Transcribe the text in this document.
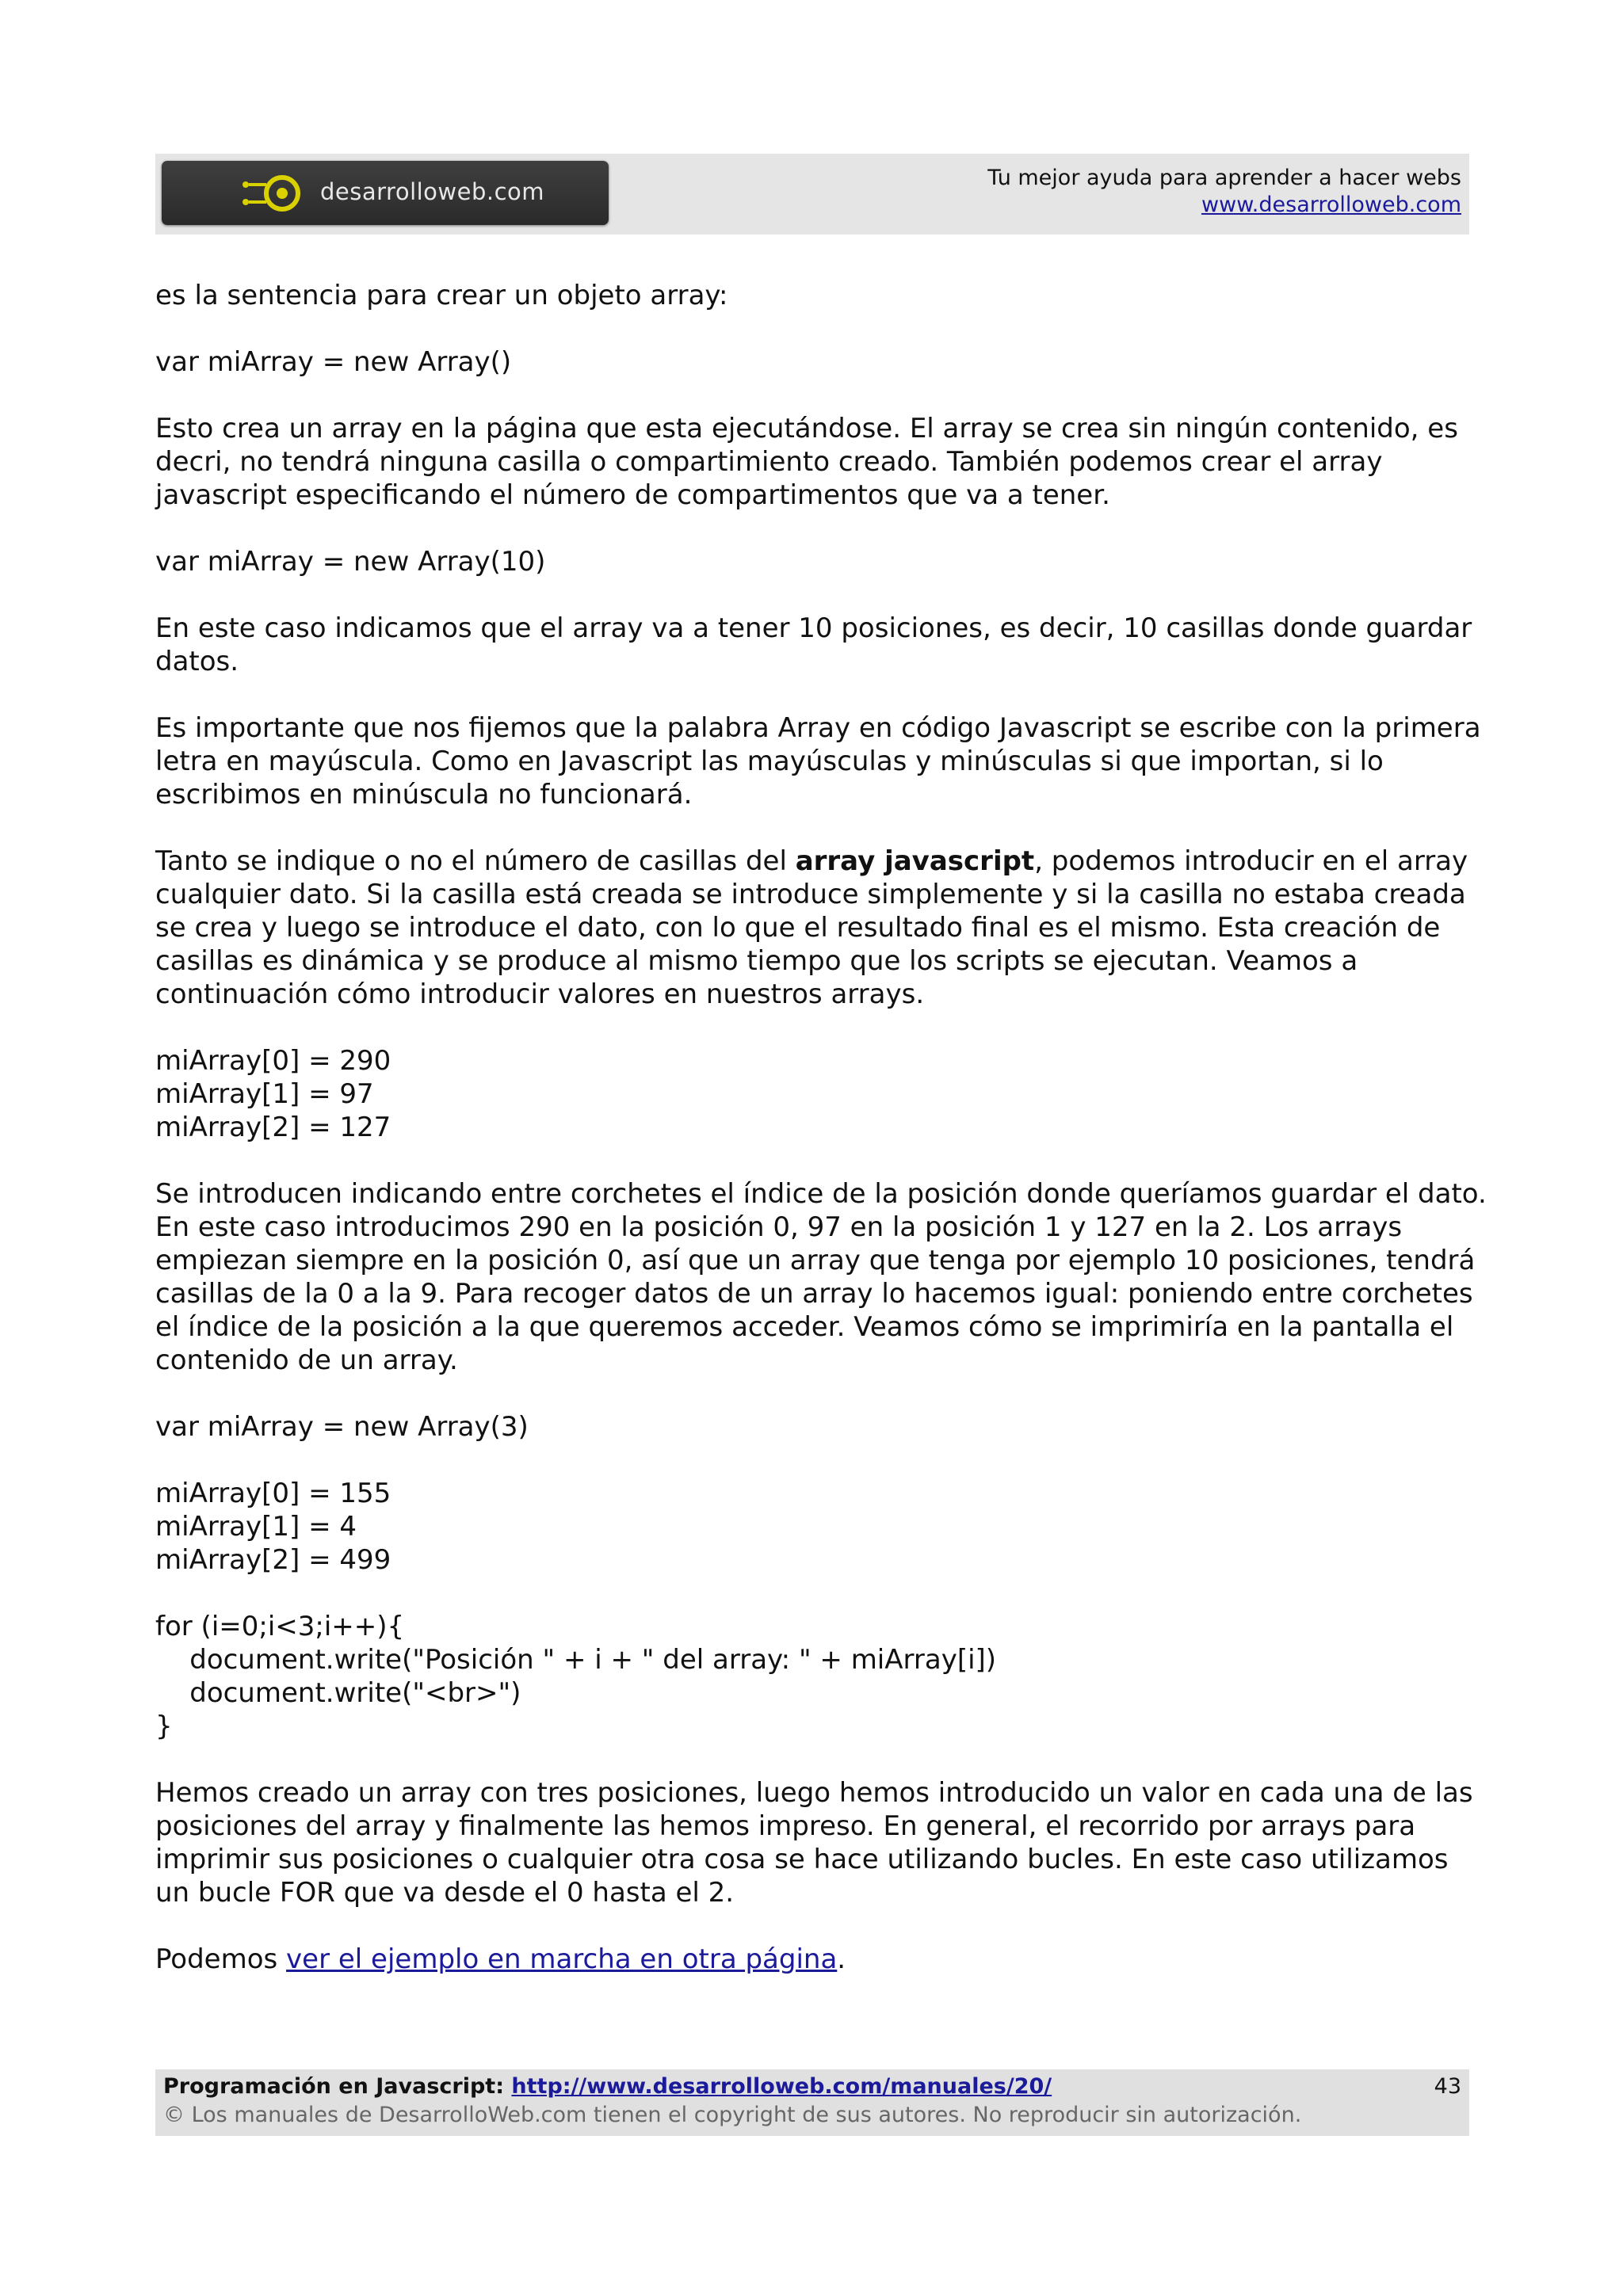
desarrolloweb.com
Tu mejor ayuda para aprender a hacer webs
www.desarrolloweb.com

es la sentencia para crear un objeto array:

var miArray = new Array()

Esto crea un array en la página que esta ejecutándose. El array se crea sin ningún contenido, es decri, no tendrá ninguna casilla o compartimiento creado. También podemos crear el array javascript especificando el número de compartimentos que va a tener.

var miArray = new Array(10)

En este caso indicamos que el array va a tener 10 posiciones, es decir, 10 casillas donde guardar datos.

Es importante que nos fijemos que la palabra Array en código Javascript se escribe con la primera letra en mayúscula. Como en Javascript las mayúsculas y minúsculas si que importan, si lo escribimos en minúscula no funcionará.

Tanto se indique o no el número de casillas del array javascript, podemos introducir en el array cualquier dato. Si la casilla está creada se introduce simplemente y si la casilla no estaba creada se crea y luego se introduce el dato, con lo que el resultado final es el mismo. Esta creación de casillas es dinámica y se produce al mismo tiempo que los scripts se ejecutan. Veamos a continuación cómo introducir valores en nuestros arrays.

miArray[0] = 290
miArray[1] = 97
miArray[2] = 127

Se introducen indicando entre corchetes el índice de la posición donde queríamos guardar el dato. En este caso introducimos 290 en la posición 0, 97 en la posición 1 y 127 en la 2. Los arrays empiezan siempre en la posición 0, así que un array que tenga por ejemplo 10 posiciones, tendrá casillas de la 0 a la 9. Para recoger datos de un array lo hacemos igual: poniendo entre corchetes el índice de la posición a la que queremos acceder. Veamos cómo se imprimiría en la pantalla el contenido de un array.

var miArray = new Array(3)
miArray[0] = 155
miArray[1] = 4
miArray[2] = 499
for (i=0;i<3;i++){
document.write("Posición " + i + " del array: " + miArray[i])
document.write("<br>")
}

Hemos creado un array con tres posiciones, luego hemos introducido un valor en cada una de las posiciones del array y finalmente las hemos impreso. En general, el recorrido por arrays para imprimir sus posiciones o cualquier otra cosa se hace utilizando bucles. En este caso utilizamos un bucle FOR que va desde el 0 hasta el 2.

Podemos ver el ejemplo en marcha en otra página.

Programación en Javascript: http://www.desarrolloweb.com/manuales/20/
© Los manuales de DesarrolloWeb.com tienen el copyright de sus autores. No reproducir sin autorización.
43
